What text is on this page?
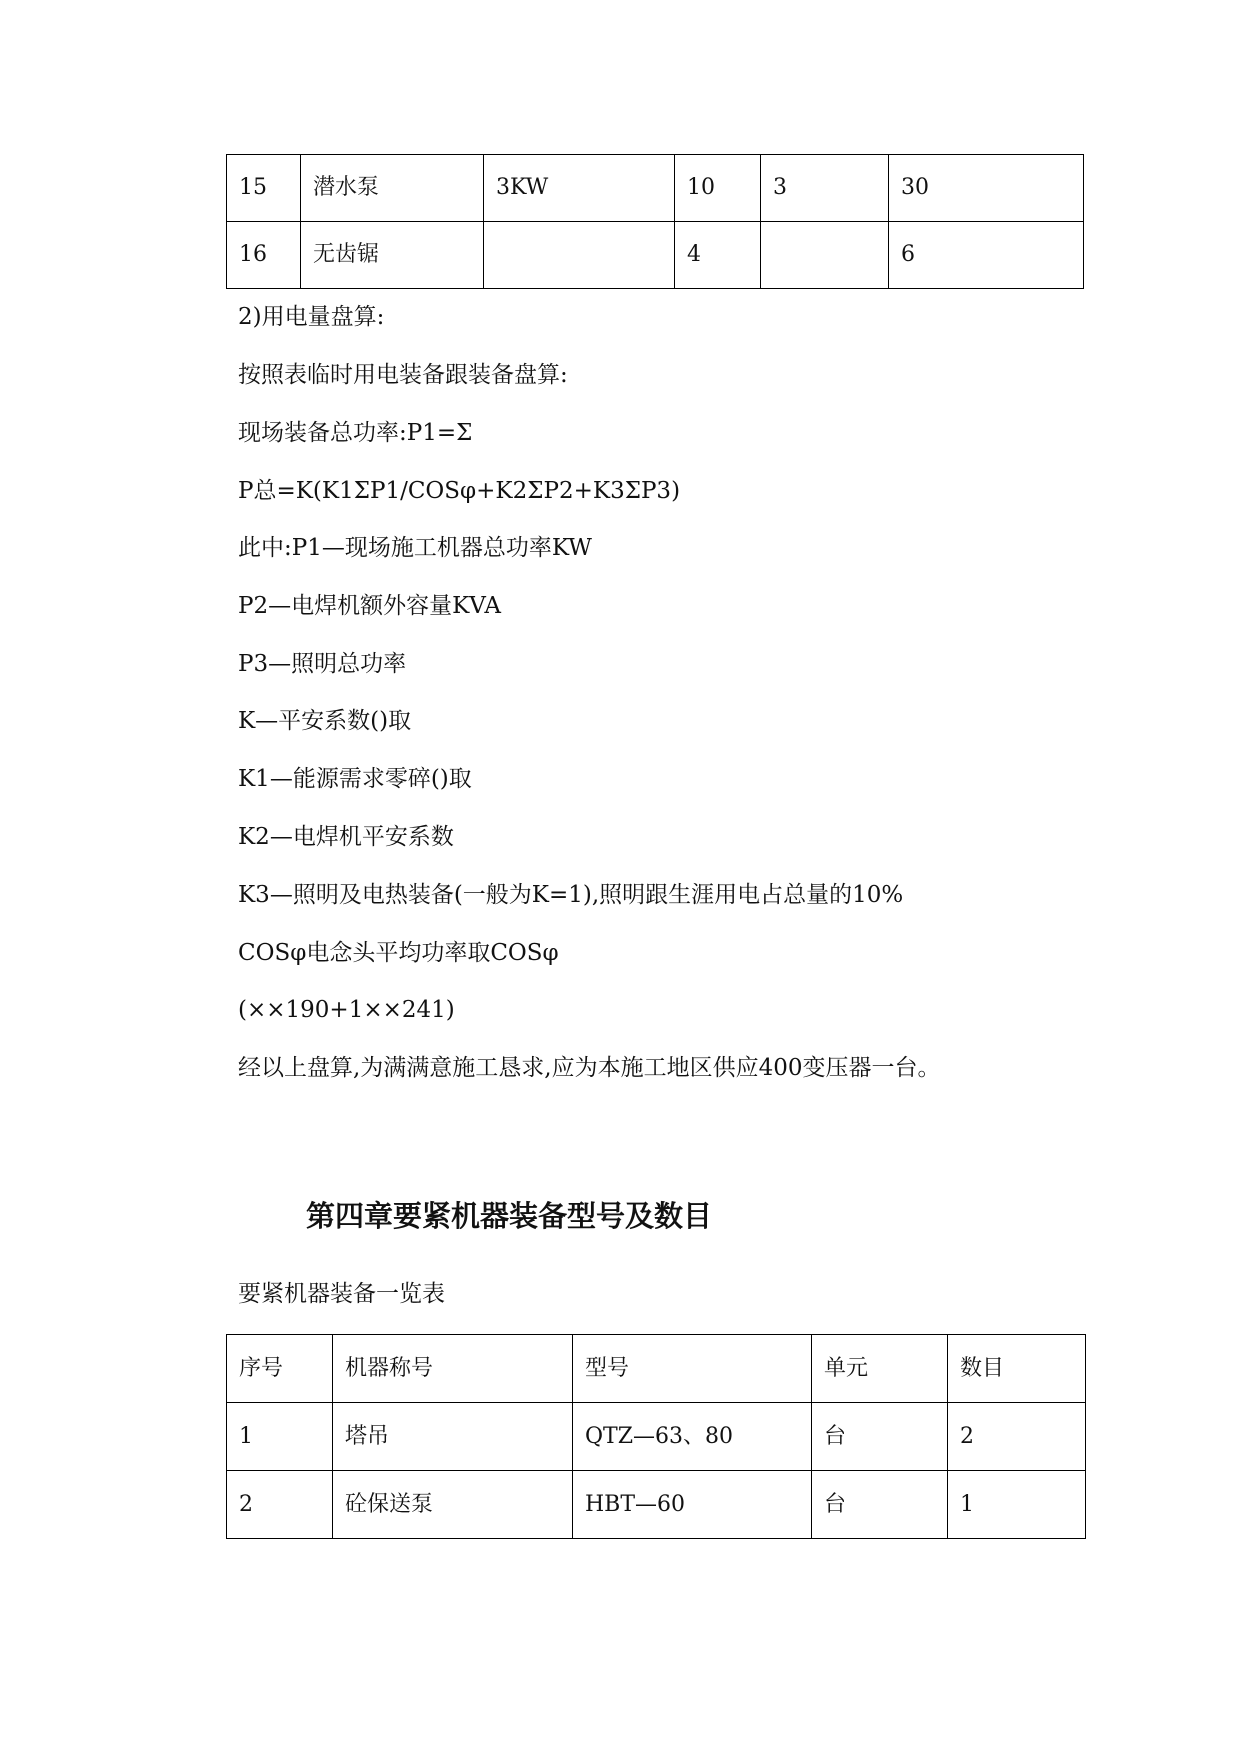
15	潜水泵	3KW	10	3	30
16	无齿锯		4		6

2)用电量盘算:

按照表临时用电装备跟装备盘算:

现场装备总功率:P1=Σ

P总=K(K1ΣP1/COSφ+K2ΣP2+K3ΣP3)

此中:P1—现场施工机器总功率KW

P2—电焊机额外容量KVA

P3—照明总功率

K—平安系数()取

K1—能源需求零碎()取

K2—电焊机平安系数

K3—照明及电热装备(一般为K=1),照明跟生涯用电占总量的10%

COSφ电念头平均功率取COSφ

(××190+1××241)

经以上盘算,为满满意施工恳求,应为本施工地区供应400变压器一台。

第四章要紧机器装备型号及数目

要紧机器装备一览表

序号	机器称号	型号	单元	数目
1	塔吊	QTZ—63、80	台	2
2	砼保送泵	HBT—60	台	1
